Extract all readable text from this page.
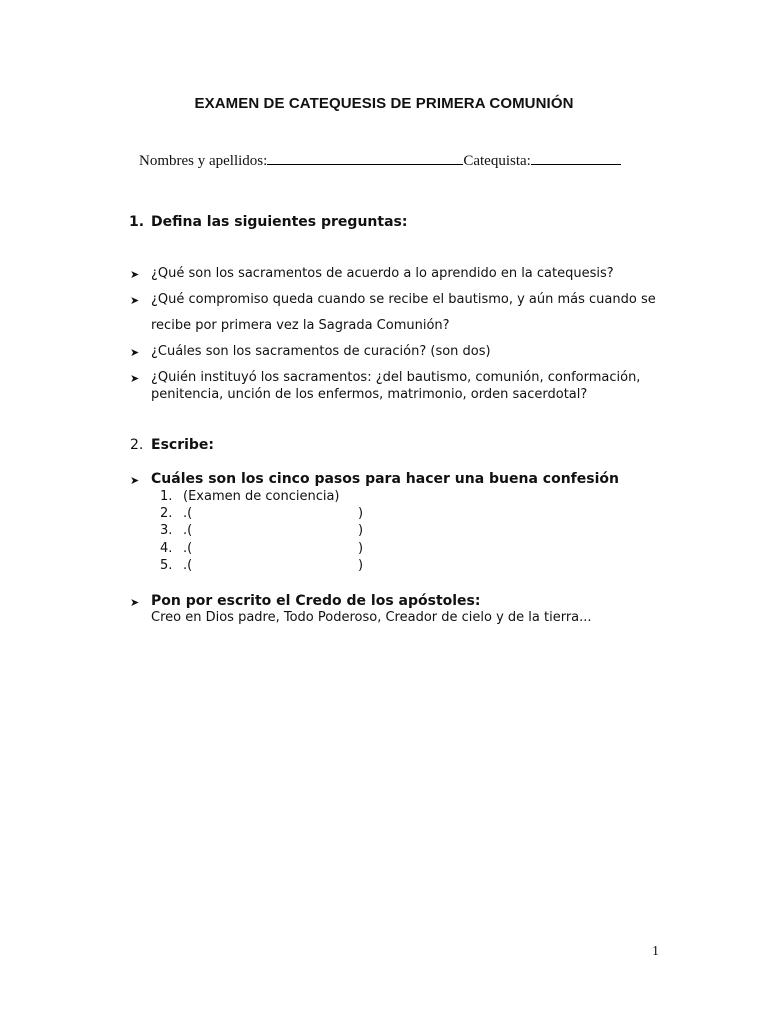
EXAMEN DE CATEQUESIS DE PRIMERA COMUNIÓN
Nombres y apellidos:	Catequista:
1. Defina las siguientes preguntas:
➤ ¿Qué son los sacramentos de acuerdo a lo aprendido en la catequesis?
➤ ¿Qué compromiso queda cuando se recibe el bautismo, y aún más cuando se
recibe por primera vez la Sagrada Comunión?
➤ ¿Cuáles son los sacramentos de curación? (son dos)
➤ ¿Quién instituyó los sacramentos: ¿del bautismo, comunión, conformación,
penitencia, unción de los enfermos, matrimonio, orden sacerdotal?
2. Escribe:
➤ Cuáles son los cinco pasos para hacer una buena confesión
1. (Examen de conciencia)
2. .(	)
3. .(	)
4. .(	)
5. .(	)
➤ Pon por escrito el Credo de los apóstoles:
Creo en Dios padre, Todo Poderoso, Creador de cielo y de la tierra...
1
